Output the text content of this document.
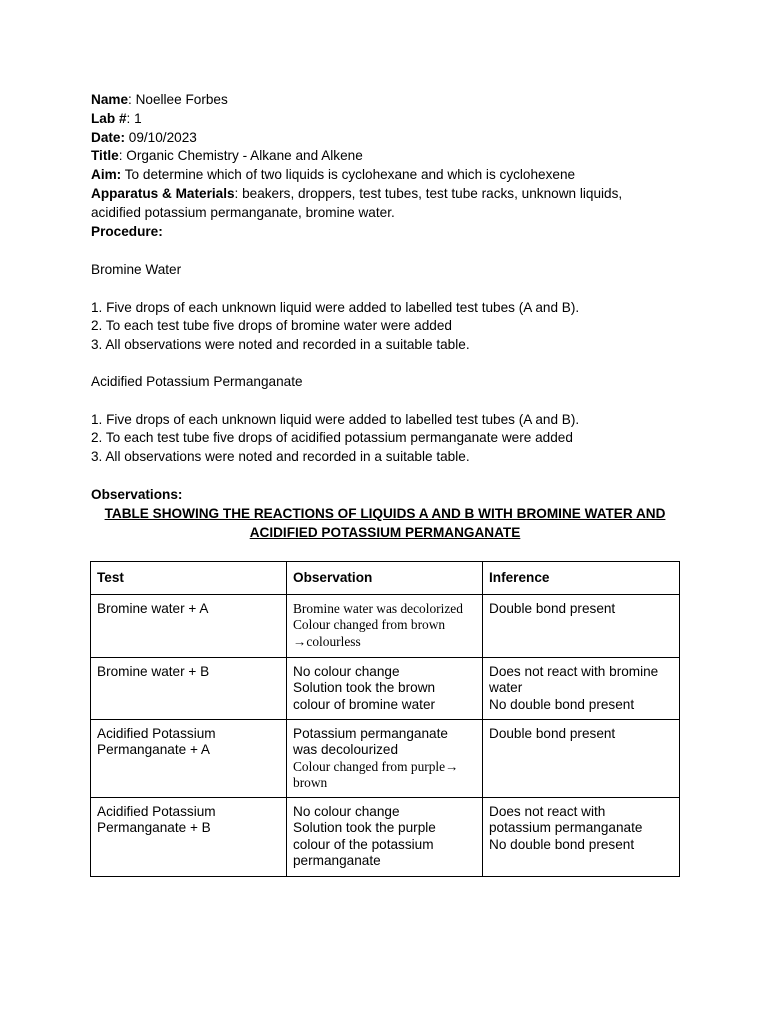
Name: Noellee Forbes
Lab #: 1
Date: 09/10/2023
Title: Organic Chemistry - Alkane and Alkene
Aim: To determine which of two liquids is cyclohexane and which is cyclohexene
Apparatus & Materials: beakers, droppers, test tubes, test tube racks, unknown liquids, acidified potassium permanganate, bromine water.
Procedure:
Bromine Water
1. Five drops of each unknown liquid were added to labelled test tubes (A and B).
2. To each test tube five drops of bromine water were added
3. All observations were noted and recorded in a suitable table.
Acidified Potassium Permanganate
1. Five drops of each unknown liquid were added to labelled test tubes (A and B).
2. To each test tube five drops of acidified potassium permanganate were added
3. All observations were noted and recorded in a suitable table.
Observations:
TABLE SHOWING THE REACTIONS OF LIQUIDS A AND B WITH BROMINE WATER AND
ACIDIFIED POTASSIUM PERMANGANATE
Test	Observation	Inference

Bromine water + A	Bromine water was decolorized
Colour changed from brown
→colourless	Double bond present

Bromine water + B	No colour change
Solution took the brown
colour of bromine water	Does not react with bromine
water
No double bond present

Acidified Potassium
Permanganate + A	Potassium permanganate
was decolourized
Colour changed from purple→
brown	Double bond present

Acidified Potassium
Permanganate + B	No colour change
Solution took the purple
colour of the potassium
permanganate	Does not react with
potassium permanganate
No double bond present
